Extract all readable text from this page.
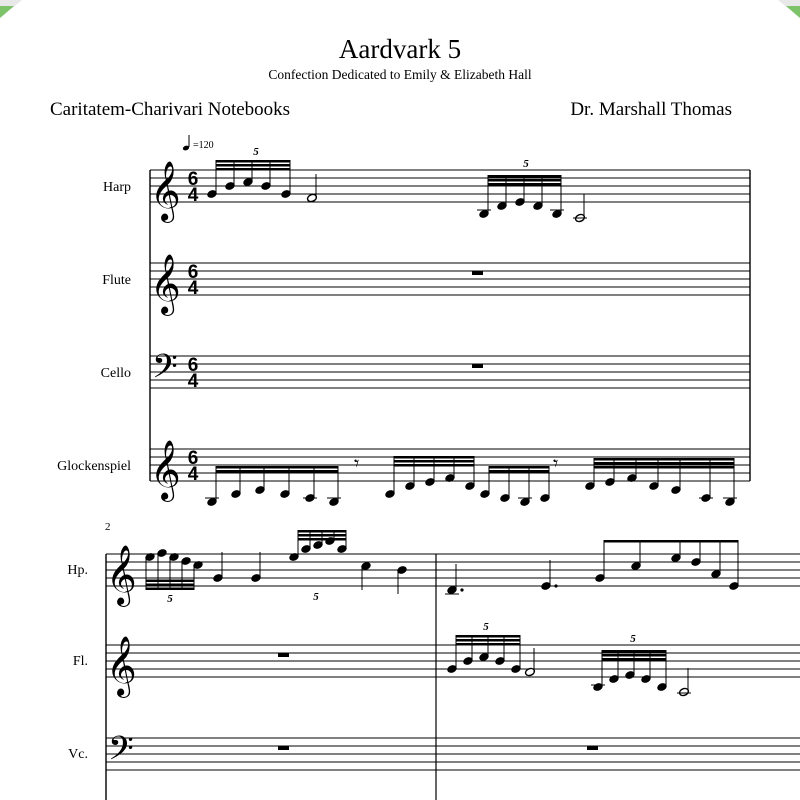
Aardvark 5
Confection Dedicated to Emily & Elizabeth Hall
Caritatem-Charivari Notebooks	Dr. Marshall Thomas
Harp
Flute
Cello
Glockenspiel
Hp.
Fl.
Vc.
𝄞
𝄞
𝄢
𝄞
𝄞
𝄞
𝄢
6
4
6
4
6
4
6
4
=120
2
5
5
5	5
5
5
𝄾	𝄾
